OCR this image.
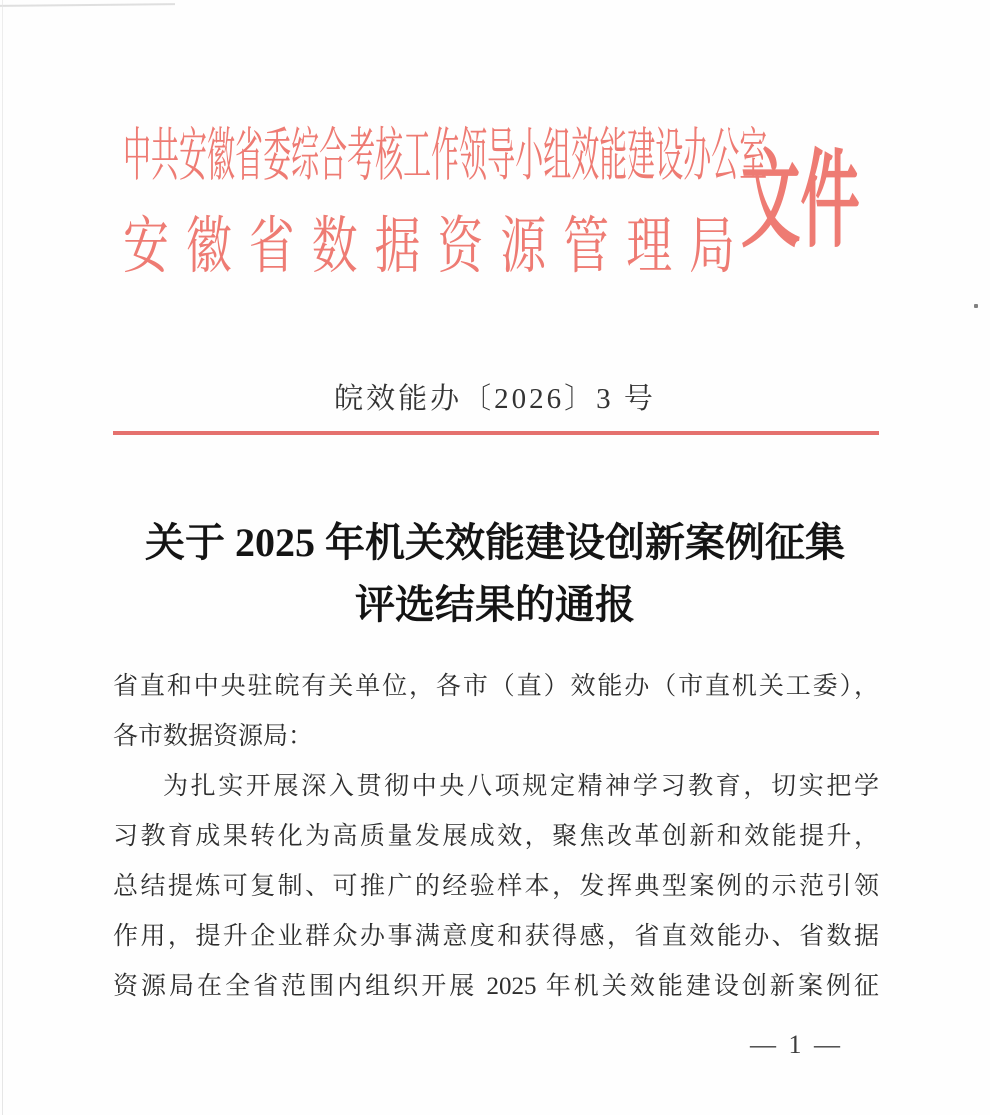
中共安徽省委综合考核工作领导小组效能建设办公室
安徽省数据资源管理局
文件
皖效能办〔2026〕3 号
关于 2025 年机关效能建设创新案例征集
评选结果的通报
省直和中央驻皖有关单位，各市（直）效能办（市直机关工委），
各市数据资源局：
为扎实开展深入贯彻中央八项规定精神学习教育，切实把学
习教育成果转化为高质量发展成效，聚焦改革创新和效能提升，
总结提炼可复制、可推广的经验样本，发挥典型案例的示范引领
作用，提升企业群众办事满意度和获得感，省直效能办、省数据
资源局在全省范围内组织开展 2025 年机关效能建设创新案例征
— 1 —
